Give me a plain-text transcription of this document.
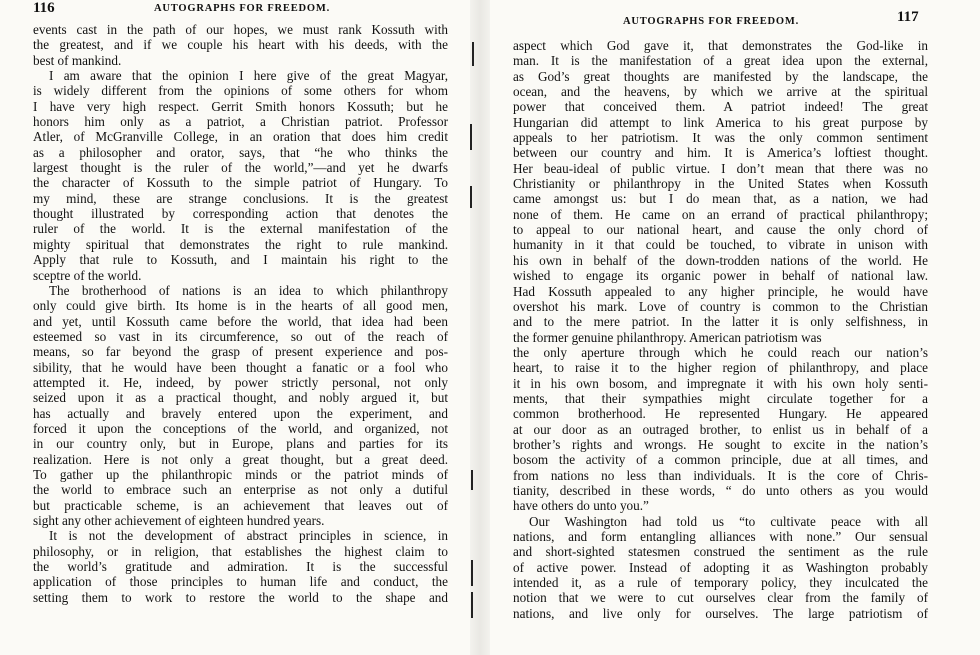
116	AUTOGRAPHS FOR FREEDOM.
events cast in the path of our hopes, we must rank Kossuth with
the greatest, and if we couple his heart with his deeds, with the
best of mankind.
I am aware that the opinion I here give of the great Magyar,
is widely different from the opinions of some others for whom
I have very high respect. Gerrit Smith honors Kossuth; but he
honors him only as a patriot, a Christian patriot. Professor
Atler, of McGranville College, in an oration that does him credit
as a philosopher and orator, says, that “he who thinks the
largest thought is the ruler of the world,”—and yet he dwarfs
the character of Kossuth to the simple patriot of Hungary. To
my mind, these are strange conclusions. It is the greatest
thought illustrated by corresponding action that denotes the
ruler of the world. It is the external manifestation of the
mighty spiritual that demonstrates the right to rule mankind.
Apply that rule to Kossuth, and I maintain his right to the
sceptre of the world.
The brotherhood of nations is an idea to which philanthropy
only could give birth. Its home is in the hearts of all good men,
and yet, until Kossuth came before the world, that idea had been
esteemed so vast in its circumference, so out of the reach of
means, so far beyond the grasp of present experience and pos-
sibility, that he would have been thought a fanatic or a fool who
attempted it. He, indeed, by power strictly personal, not only
seized upon it as a practical thought, and nobly argued it, but
has actually and bravely entered upon the experiment, and
forced it upon the conceptions of the world, and organized, not
in our country only, but in Europe, plans and parties for its
realization. Here is not only a great thought, but a great deed.
To gather up the philanthropic minds or the patriot minds of
the world to embrace such an enterprise as not only a dutiful
but practicable scheme, is an achievement that leaves out of
sight any other achievement of eighteen hundred years.
It is not the development of abstract principles in science, in
philosophy, or in religion, that establishes the highest claim to
the world’s gratitude and admiration. It is the successful
application of those principles to human life and conduct, the
setting them to work to restore the world to the shape and
AUTOGRAPHS FOR FREEDOM.	117
aspect which God gave it, that demonstrates the God-like in
man. It is the manifestation of a great idea upon the external,
as God’s great thoughts are manifested by the landscape, the
ocean, and the heavens, by which we arrive at the spiritual
power that conceived them. A patriot indeed! The great
Hungarian did attempt to link America to his great purpose by
appeals to her patriotism. It was the only common sentiment
between our country and him. It is America’s loftiest thought.
Her beau-ideal of public virtue. I don’t mean that there was no
Christianity or philanthropy in the United States when Kossuth
came amongst us: but I do mean that, as a nation, we had
none of them. He came on an errand of practical philanthropy;
to appeal to our national heart, and cause the only chord of
humanity in it that could be touched, to vibrate in unison with
his own in behalf of the down-trodden nations of the world. He
wished to engage its organic power in behalf of national law.
Had Kossuth appealed to any higher principle, he would have
overshot his mark. Love of country is common to the Christian
and to the mere patriot. In the latter it is only selfishness, in
the former genuine philanthropy. American patriotism was
the only aperture through which he could reach our nation’s
heart, to raise it to the higher region of philanthropy, and place
it in his own bosom, and impregnate it with his own holy senti-
ments, that their sympathies might circulate together for a
common brotherhood. He represented Hungary. He appeared
at our door as an outraged brother, to enlist us in behalf of a
brother’s rights and wrongs. He sought to excite in the nation’s
bosom the activity of a common principle, due at all times, and
from nations no less than individuals. It is the core of Chris-
tianity, described in these words, “ do unto others as you would
have others do unto you.”
Our Washington had told us “to cultivate peace with all
nations, and form entangling alliances with none.” Our sensual
and short-sighted statesmen construed the sentiment as the rule
of active power. Instead of adopting it as Washington probably
intended it, as a rule of temporary policy, they inculcated the
notion that we were to cut ourselves clear from the family of
nations, and live only for ourselves. The large patriotism of
